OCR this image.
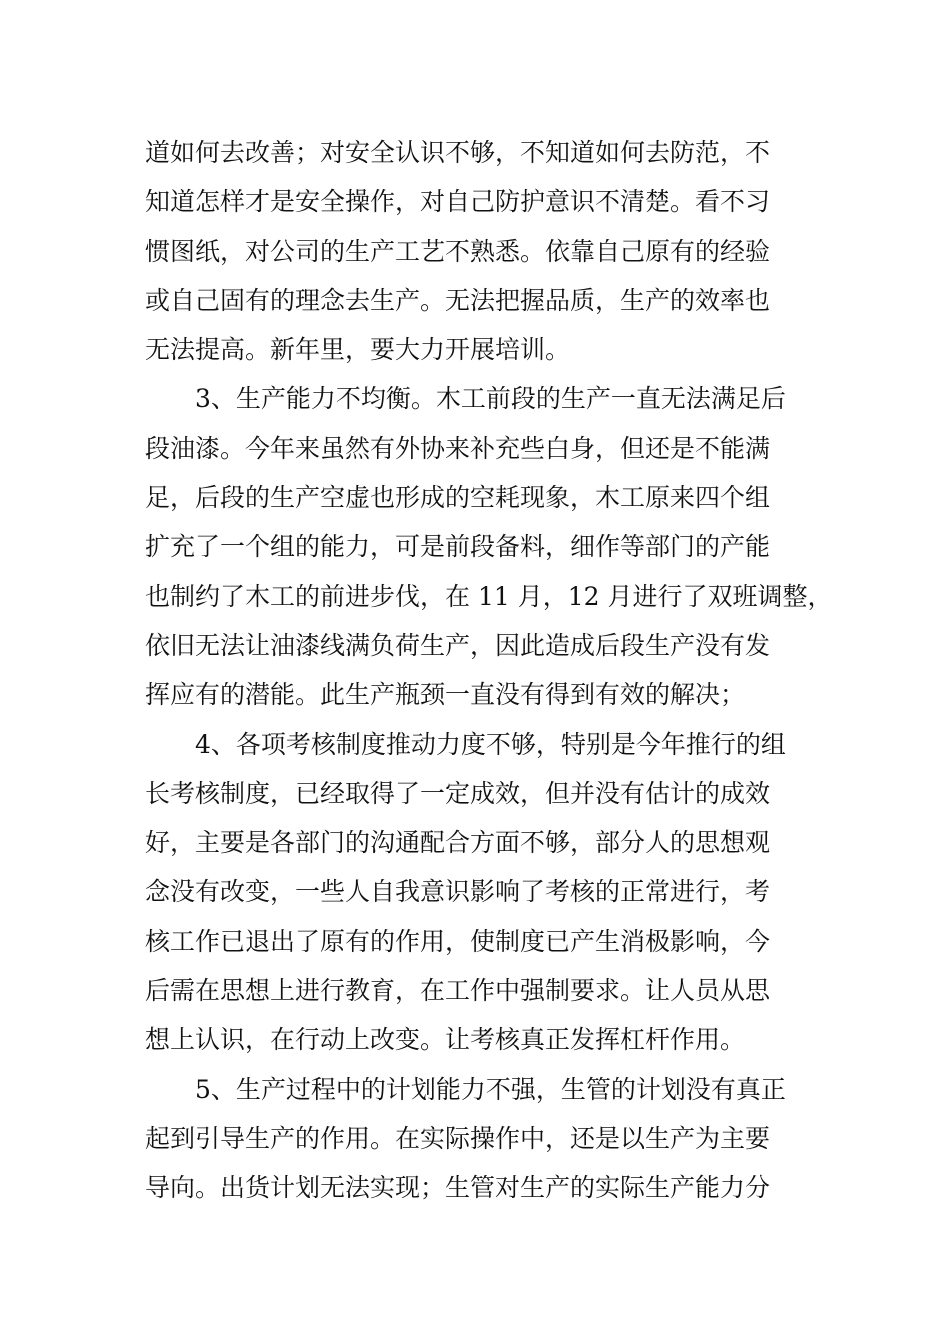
道如何去改善；对安全认识不够，不知道如何去防范，不
知道怎样才是安全操作，对自己防护意识不清楚。看不习
惯图纸，对公司的生产工艺不熟悉。依靠自己原有的经验
或自己固有的理念去生产。无法把握品质，生产的效率也
无法提高。新年里，要大力开展培训。
3、生产能力不均衡。木工前段的生产一直无法满足后
段油漆。今年来虽然有外协来补充些白身，但还是不能满
足，后段的生产空虚也形成的空耗现象，木工原来四个组
扩充了一个组的能力，可是前段备料，细作等部门的产能
也制约了木工的前进步伐，在 11 月，12 月进行了双班调整，
依旧无法让油漆线满负荷生产，因此造成后段生产没有发
挥应有的潜能。此生产瓶颈一直没有得到有效的解决；
4、各项考核制度推动力度不够，特别是今年推行的组
长考核制度，已经取得了一定成效，但并没有估计的成效
好，主要是各部门的沟通配合方面不够，部分人的思想观
念没有改变，一些人自我意识影响了考核的正常进行，考
核工作已退出了原有的作用，使制度已产生消极影响，今
后需在思想上进行教育，在工作中强制要求。让人员从思
想上认识，在行动上改变。让考核真正发挥杠杆作用。
5、生产过程中的计划能力不强，生管的计划没有真正
起到引导生产的作用。在实际操作中，还是以生产为主要
导向。出货计划无法实现；生管对生产的实际生产能力分
